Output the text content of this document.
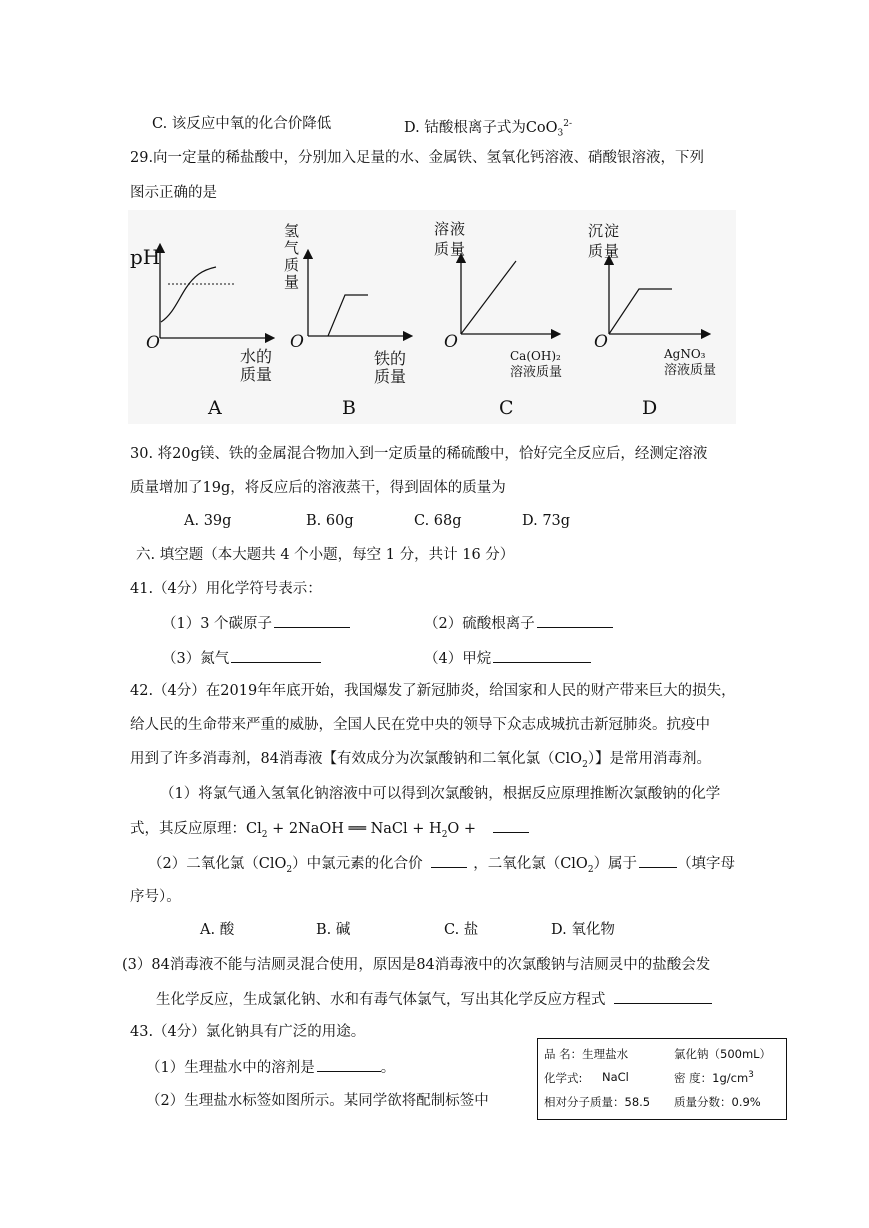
C. 该反应中氧的化合价降低	D. 钴酸根离子式为CoO$_3^{2-}$
29.向一定量的稀盐酸中，分别加入足量的水、金属铁、氢氧化钙溶液、硝酸银溶液，下列
图示正确的是
pH
O
水的
质量
A
氢
气
质
量
O
铁的
质量
B
溶 液
质 量
O
Ca(OH)₂
溶液质量
C
沉 淀
质 量
O
AgNO₃
溶液质量
D
30. 将20g镁、铁的金属混合物加入到一定质量的稀硫酸中，恰好完全反应后，经测定溶液
质量增加了19g，将反应后的溶液蒸干，得到固体的质量为
A. 39g	B. 60g	C. 68g	D. 73g
六. 填空题（本大题共 4 个小题，每空 1 分，共计 16 分）
41.（4分）用化学符号表示：
（1）3 个碳原子	（2）硫酸根离子
（3）氮气	（4）甲烷
42.（4分）在2019年年底开始，我国爆发了新冠肺炎，给国家和人民的财产带来巨大的损失，
给人民的生命带来严重的威胁，全国人民在党中央的领导下众志成城抗击新冠肺炎。抗疫中
用到了许多消毒剂，84消毒液【有效成分为次氯酸钠和二氧化氯（ClO$_2$）】是常用消毒剂。
（1）将氯气通入氢氧化钠溶液中可以得到次氯酸钠，根据反应原理推断次氯酸钠的化学
式，其反应原理：$Cl_2$ + 2NaOH ══ NaCl + $H_2O$ +
（2）二氧化氯（ClO$_2$）中氯元素的化合价	，二氧化氯（ClO$_2$）属于	（填字母
序号）。
A. 酸	B. 碱	C. 盐	D. 氧化物
(3）84消毒液不能与洁厕灵混合使用，原因是84消毒液中的次氯酸钠与洁厕灵中的盐酸会发
生化学反应，生成氯化钠、水和有毒气体氯气，写出其化学反应方程式
43.（4分）氯化钠具有广泛的用途。
（1）生理盐水中的溶剂是	。
（2）生理盐水标签如图所示。某同学欲将配制标签中
品 名：生理盐水	氯化钠（500mL）
化学式: NaCl	密 度：$1g/cm^3$
相对分子质量：58.5 质量分数：0.9%
